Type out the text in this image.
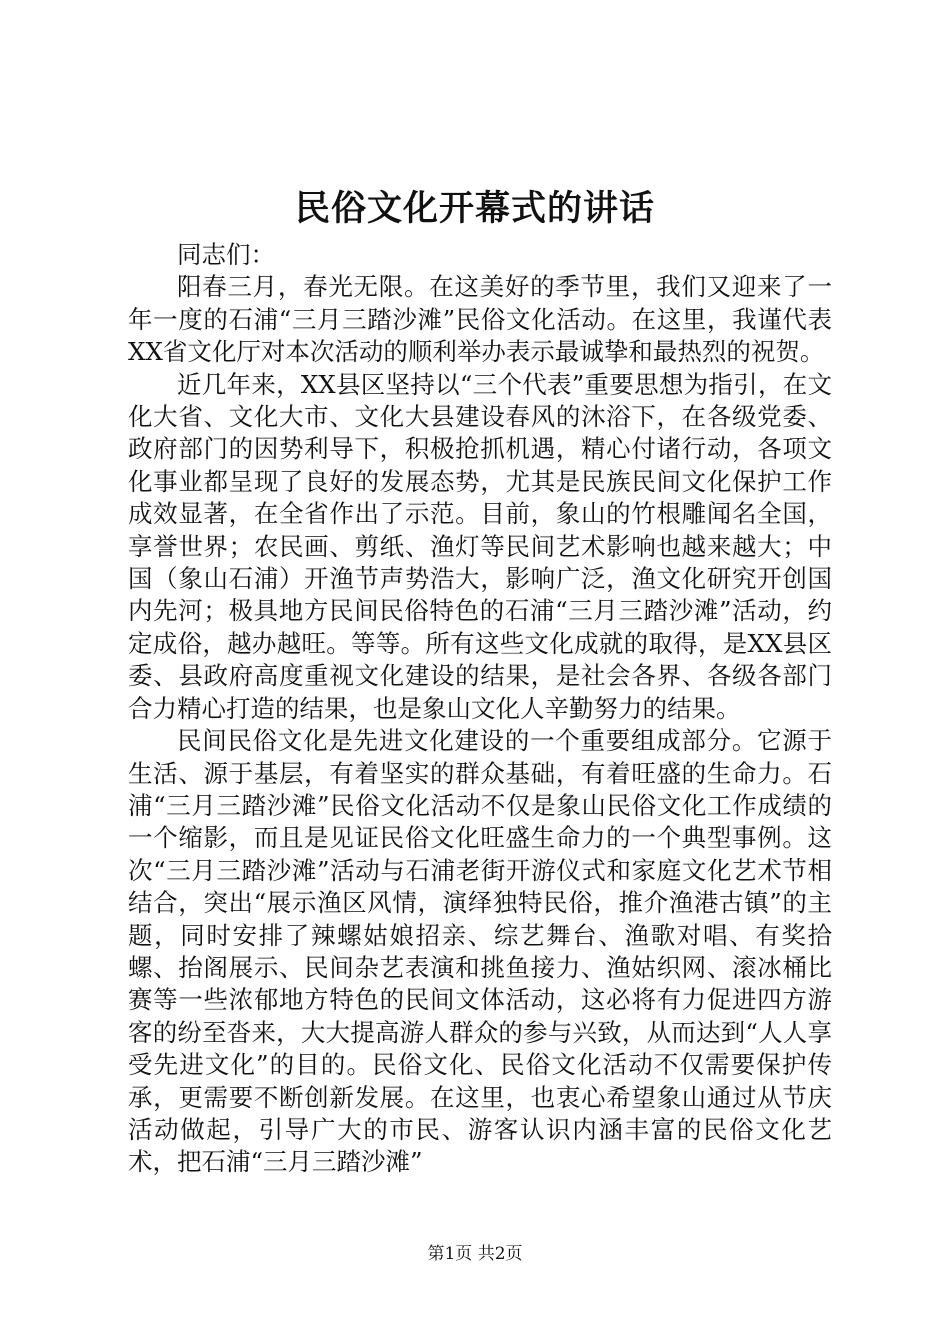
民俗文化开幕式的讲话

同志们：

阳春三月，春光无限。在这美好的季节里，我们又迎来了一年一度的石浦“三月三踏沙滩”民俗文化活动。在这里，我谨代表XX省文化厅对本次活动的顺利举办表示最诚挚和最热烈的祝贺。

近几年来，XX县区坚持以“三个代表”重要思想为指引，在文化大省、文化大市、文化大县建设春风的沐浴下，在各级党委、政府部门的因势利导下，积极抢抓机遇，精心付诸行动，各项文化事业都呈现了良好的发展态势，尤其是民族民间文化保护工作成效显著，在全省作出了示范。目前，象山的竹根雕闻名全国，享誉世界；农民画、剪纸、渔灯等民间艺术影响也越来越大；中国（象山石浦）开渔节声势浩大，影响广泛，渔文化研究开创国内先河；极具地方民间民俗特色的石浦“三月三踏沙滩”活动，约定成俗，越办越旺。等等。所有这些文化成就的取得，是XX县区委、县政府高度重视文化建设的结果，是社会各界、各级各部门合力精心打造的结果，也是象山文化人辛勤努力的结果。

民间民俗文化是先进文化建设的一个重要组成部分。它源于生活、源于基层，有着坚实的群众基础，有着旺盛的生命力。石浦“三月三踏沙滩”民俗文化活动不仅是象山民俗文化工作成绩的一个缩影，而且是见证民俗文化旺盛生命力的一个典型事例。这次“三月三踏沙滩”活动与石浦老街开游仪式和家庭文化艺术节相结合，突出“展示渔区风情，演绎独特民俗，推介渔港古镇”的主题，同时安排了辣螺姑娘招亲、综艺舞台、渔歌对唱、有奖拾螺、抬阁展示、民间杂艺表演和挑鱼接力、渔姑织网、滚冰桶比赛等一些浓郁地方特色的民间文体活动，这必将有力促进四方游客的纷至沓来，大大提高游人群众的参与兴致，从而达到“人人享受先进文化”的目的。民俗文化、民俗文化活动不仅需要保护传承，更需要不断创新发展。在这里，也衷心希望象山通过从节庆活动做起，引导广大的市民、游客认识内涵丰富的民俗文化艺术，把石浦“三月三踏沙滩”

第1页 共2页
